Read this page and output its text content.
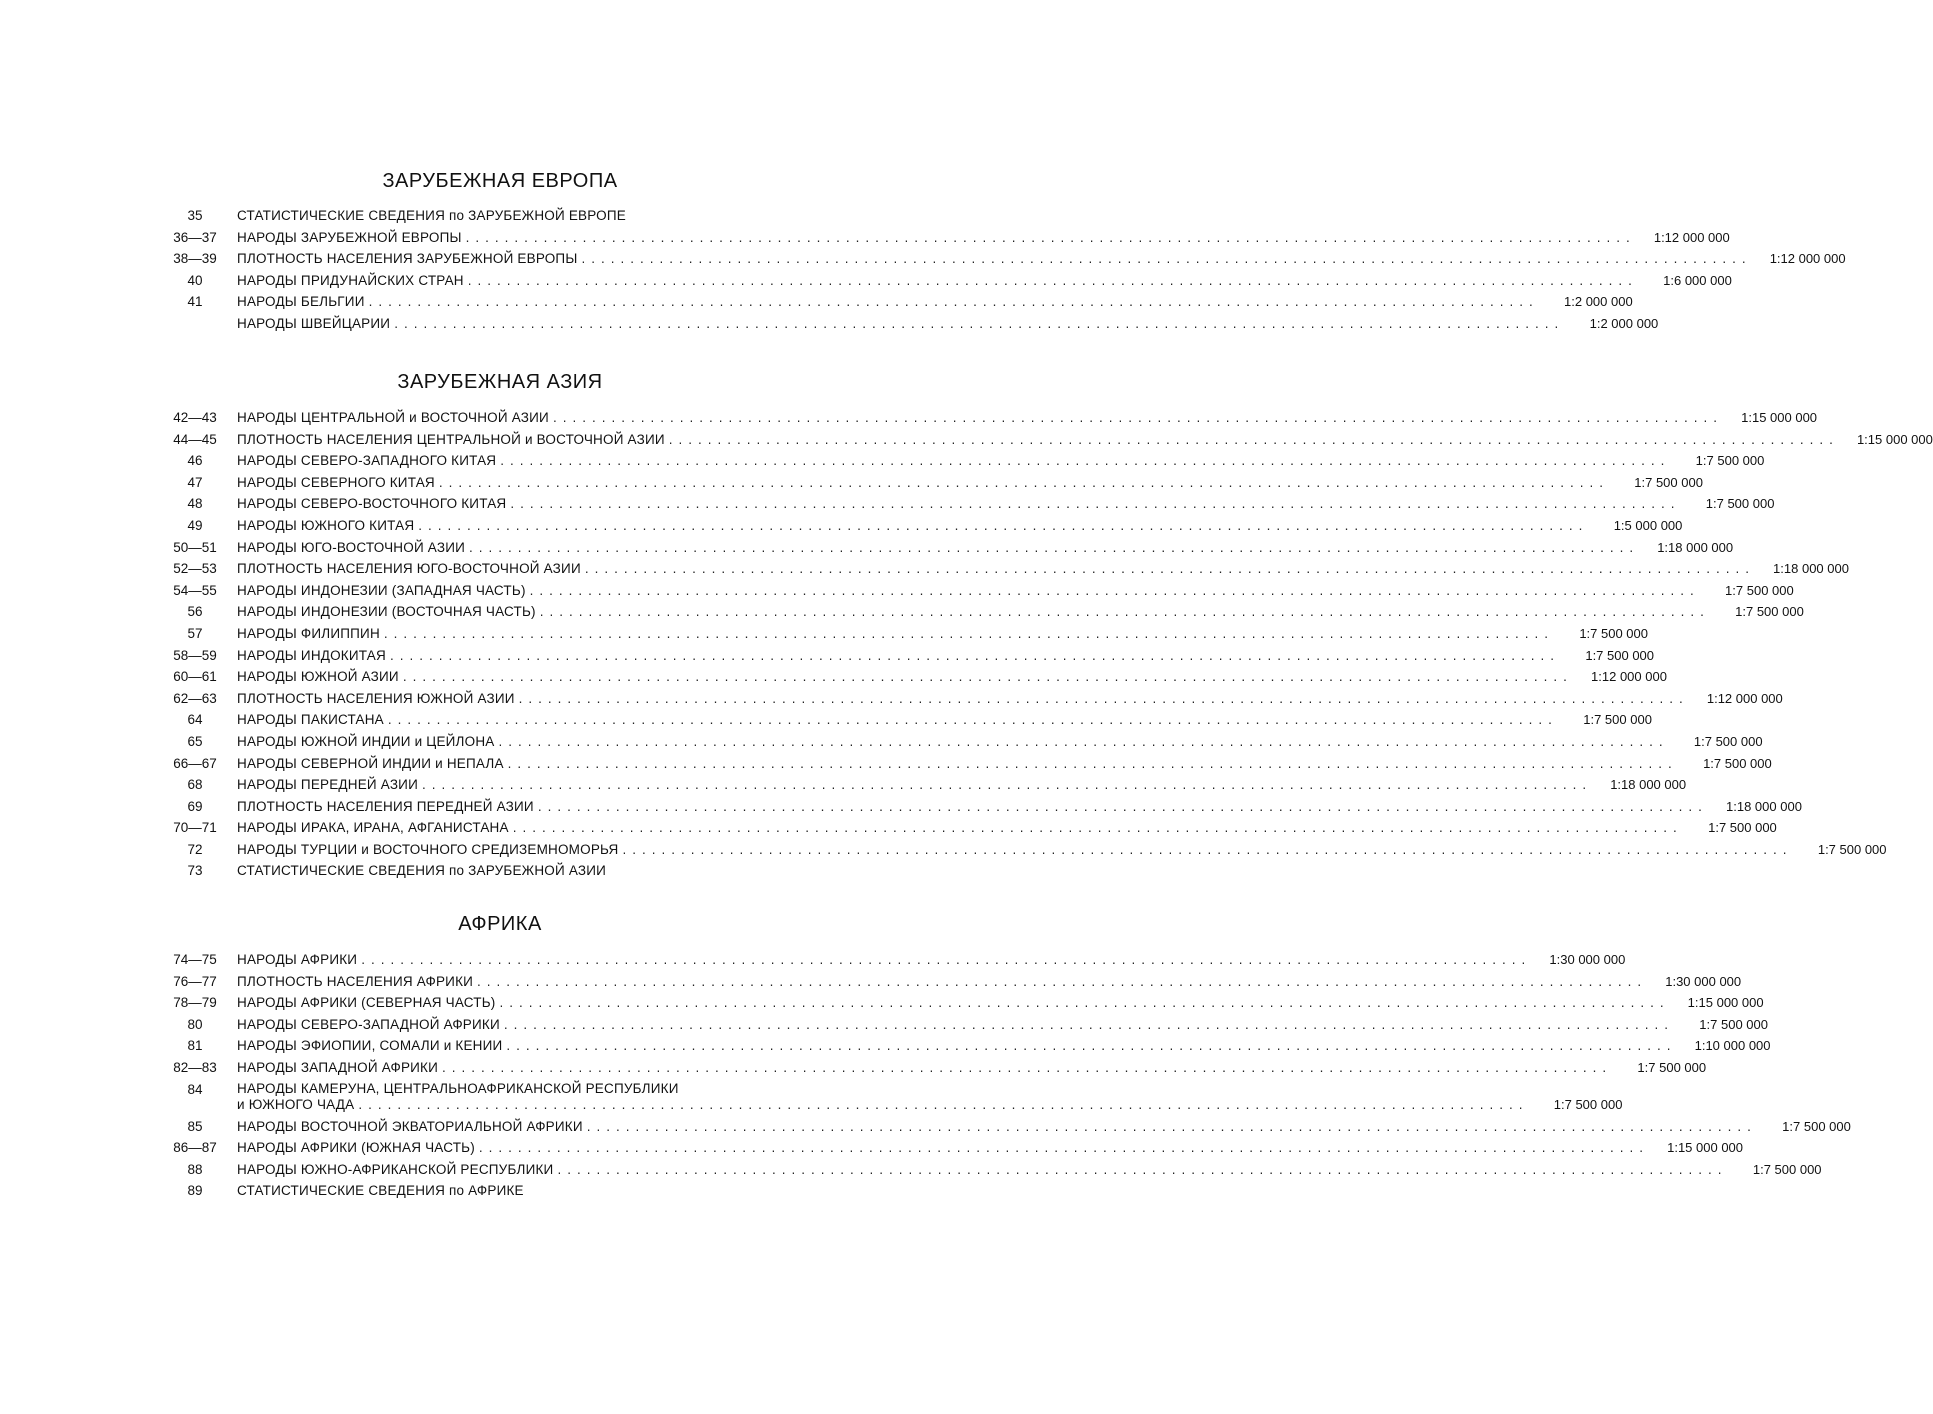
ЗАРУБЕЖНАЯ ЕВРОПА
35	СТАТИСТИЧЕСКИЕ СВЕДЕНИЯ по ЗАРУБЕЖНОЙ ЕВРОПЕ
36—37	НАРОДЫ ЗАРУБЕЖНОЙ ЕВРОПЫ ........................................................................................................................	1:12 000 000
38—39	ПЛОТНОСТЬ НАСЕЛЕНИЯ ЗАРУБЕЖНОЙ ЕВРОПЫ ........................................................................................................................	1:12 000 000
40	НАРОДЫ ПРИДУНАЙСКИХ СТРАН ........................................................................................................................	1:6 000 000
41	НАРОДЫ БЕЛЬГИИ ........................................................................................................................	1:2 000 000
НАРОДЫ ШВЕЙЦАРИИ ........................................................................................................................	1:2 000 000
ЗАРУБЕЖНАЯ АЗИЯ
42—43	НАРОДЫ ЦЕНТРАЛЬНОЙ и ВОСТОЧНОЙ АЗИИ ........................................................................................................................	1:15 000 000
44—45	ПЛОТНОСТЬ НАСЕЛЕНИЯ ЦЕНТРАЛЬНОЙ и ВОСТОЧНОЙ АЗИИ ........................................................................................................................	1:15 000 000
46	НАРОДЫ СЕВЕРО-ЗАПАДНОГО КИТАЯ ........................................................................................................................	1:7 500 000
47	НАРОДЫ СЕВЕРНОГО КИТАЯ ........................................................................................................................	1:7 500 000
48	НАРОДЫ СЕВЕРО-ВОСТОЧНОГО КИТАЯ ........................................................................................................................	1:7 500 000
49	НАРОДЫ ЮЖНОГО КИТАЯ ........................................................................................................................	1:5 000 000
50—51	НАРОДЫ ЮГО-ВОСТОЧНОЙ АЗИИ ........................................................................................................................	1:18 000 000
52—53	ПЛОТНОСТЬ НАСЕЛЕНИЯ ЮГО-ВОСТОЧНОЙ АЗИИ ........................................................................................................................	1:18 000 000
54—55	НАРОДЫ ИНДОНЕЗИИ (ЗАПАДНАЯ ЧАСТЬ) ........................................................................................................................	1:7 500 000
56	НАРОДЫ ИНДОНЕЗИИ (ВОСТОЧНАЯ ЧАСТЬ) ........................................................................................................................	1:7 500 000
57	НАРОДЫ ФИЛИППИН ........................................................................................................................	1:7 500 000
58—59	НАРОДЫ ИНДОКИТАЯ ........................................................................................................................	1:7 500 000
60—61	НАРОДЫ ЮЖНОЙ АЗИИ ........................................................................................................................	1:12 000 000
62—63	ПЛОТНОСТЬ НАСЕЛЕНИЯ ЮЖНОЙ АЗИИ ........................................................................................................................	1:12 000 000
64	НАРОДЫ ПАКИСТАНА ........................................................................................................................	1:7 500 000
65	НАРОДЫ ЮЖНОЙ ИНДИИ и ЦЕЙЛОНА ........................................................................................................................	1:7 500 000
66—67	НАРОДЫ СЕВЕРНОЙ ИНДИИ и НЕПАЛА ........................................................................................................................	1:7 500 000
68	НАРОДЫ ПЕРЕДНЕЙ АЗИИ ........................................................................................................................	1:18 000 000
69	ПЛОТНОСТЬ НАСЕЛЕНИЯ ПЕРЕДНЕЙ АЗИИ ........................................................................................................................	1:18 000 000
70—71	НАРОДЫ ИРАКА, ИРАНА, АФГАНИСТАНА ........................................................................................................................	1:7 500 000
72	НАРОДЫ ТУРЦИИ и ВОСТОЧНОГО СРЕДИЗЕМНОМОРЬЯ ........................................................................................................................	1:7 500 000
73	СТАТИСТИЧЕСКИЕ СВЕДЕНИЯ по ЗАРУБЕЖНОЙ АЗИИ
АФРИКА
74—75	НАРОДЫ АФРИКИ ........................................................................................................................	1:30 000 000
76—77	ПЛОТНОСТЬ НАСЕЛЕНИЯ АФРИКИ ........................................................................................................................	1:30 000 000
78—79	НАРОДЫ АФРИКИ (СЕВЕРНАЯ ЧАСТЬ) ........................................................................................................................	1:15 000 000
80	НАРОДЫ СЕВЕРО-ЗАПАДНОЙ АФРИКИ ........................................................................................................................	1:7 500 000
81	НАРОДЫ ЭФИОПИИ, СОМАЛИ и КЕНИИ ........................................................................................................................	1:10 000 000
82—83	НАРОДЫ ЗАПАДНОЙ АФРИКИ ........................................................................................................................	1:7 500 000
84	НАРОДЫ КАМЕРУНА, ЦЕНТРАЛЬНОАФРИКАНСКОЙ РЕСПУБЛИКИ
и ЮЖНОГО ЧАДА ........................................................................................................................	1:7 500 000
85	НАРОДЫ ВОСТОЧНОЙ ЭКВАТОРИАЛЬНОЙ АФРИКИ ........................................................................................................................	1:7 500 000
86—87	НАРОДЫ АФРИКИ (ЮЖНАЯ ЧАСТЬ) ........................................................................................................................	1:15 000 000
88	НАРОДЫ ЮЖНО-АФРИКАНСКОЙ РЕСПУБЛИКИ ........................................................................................................................	1:7 500 000
89	СТАТИСТИЧЕСКИЕ СВЕДЕНИЯ по АФРИКЕ
